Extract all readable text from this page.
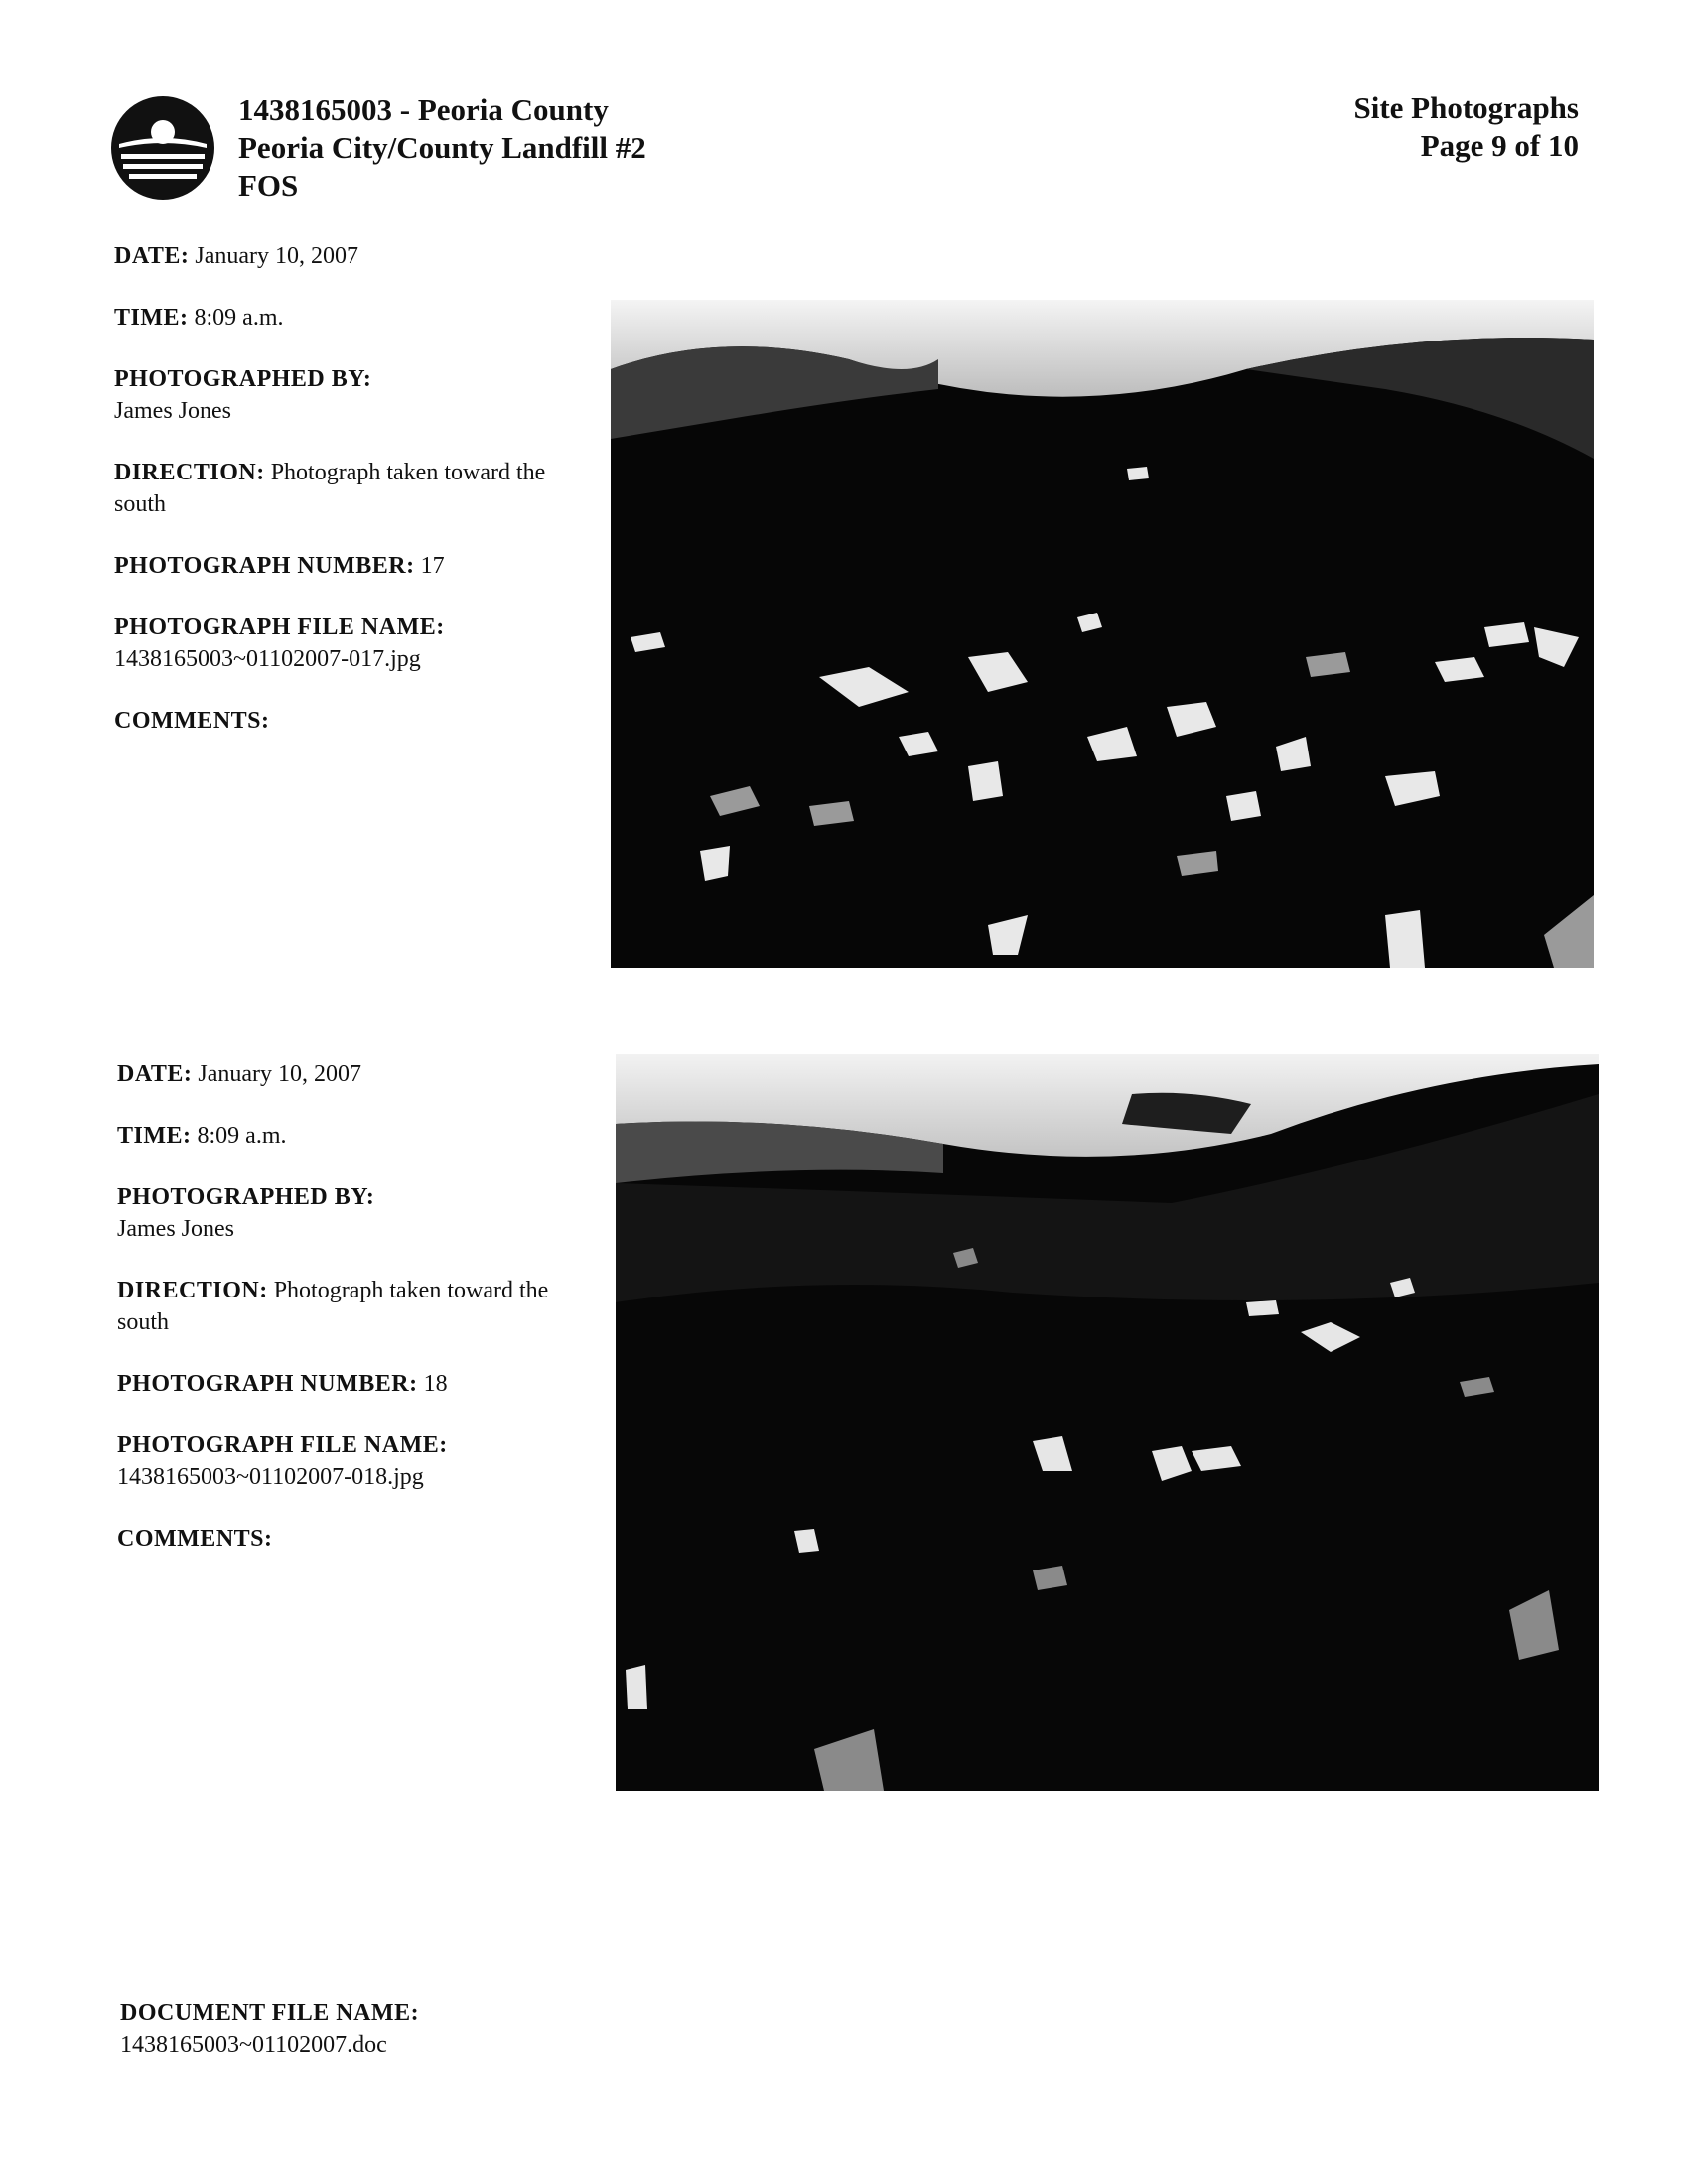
1438165003 - Peoria County
Peoria City/County Landfill #2
FOS
Site Photographs
Page 9 of 10
DATE: January 10, 2007
TIME: 8:09 a.m.
PHOTOGRAPHED BY:
James Jones
DIRECTION: Photograph taken toward the south
PHOTOGRAPH NUMBER: 17
PHOTOGRAPH FILE NAME:
1438165003~01102007-017.jpg
COMMENTS:
DATE: January 10, 2007
TIME: 8:09 a.m.
PHOTOGRAPHED BY:
James Jones
DIRECTION: Photograph taken toward the south
PHOTOGRAPH NUMBER: 18
PHOTOGRAPH FILE NAME:
1438165003~01102007-018.jpg
COMMENTS:
DOCUMENT FILE NAME:
1438165003~01102007.doc
